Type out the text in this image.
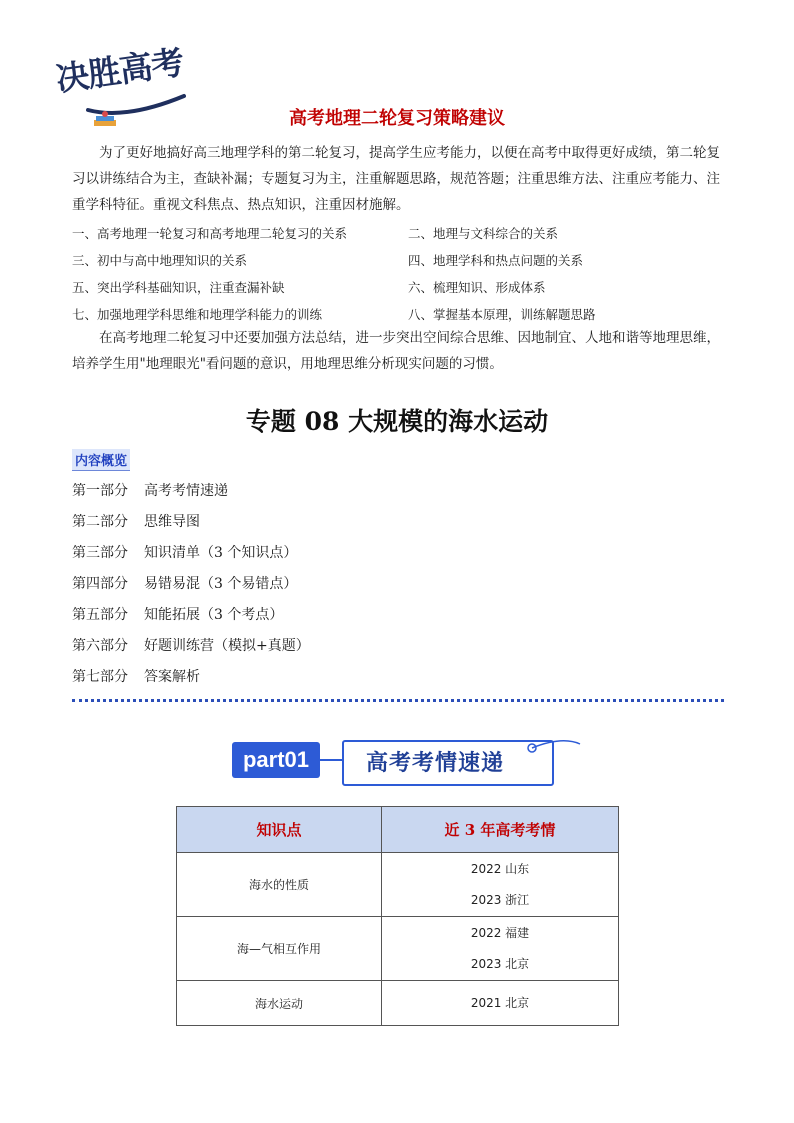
决胜高考
高考地理二轮复习策略建议
为了更好地搞好高三地理学科的第二轮复习，提高学生应考能力，以便在高考中取得更好成绩，第二轮复习以讲练结合为主，查缺补漏；专题复习为主，注重解题思路，规范答题；注重思维方法、注重应考能力、注重学科特征。重视文科焦点、热点知识，注重因材施解。
一、高考地理一轮复习和高考地理二轮复习的关系	二、地理与文科综合的关系
三、初中与高中地理知识的关系	四、地理学科和热点问题的关系
五、突出学科基础知识，注重查漏补缺	六、梳理知识、形成体系
七、加强地理学科思维和地理学科能力的训练	八、掌握基本原理，训练解题思路
在高考地理二轮复习中还要加强方法总结，进一步突出空间综合思维、因地制宜、人地和谐等地理思维，培养学生用"地理眼光"看问题的意识，用地理思维分析现实问题的习惯。
专题 08 大规模的海水运动
内容概览
第一部分 高考考情速递
第二部分 思维导图
第三部分 知识清单（3 个知识点）
第四部分 易错易混（3 个易错点）
第五部分 知能拓展（3 个考点）
第六部分 好题训练营（模拟+真题）
第七部分 答案解析
part01	高考考情速递
知识点	近 3 年高考考情
海水的性质	2022 山东
2023 浙江

海—气相互作用	2022 福建
2023 北京

海水运动	2021 北京
